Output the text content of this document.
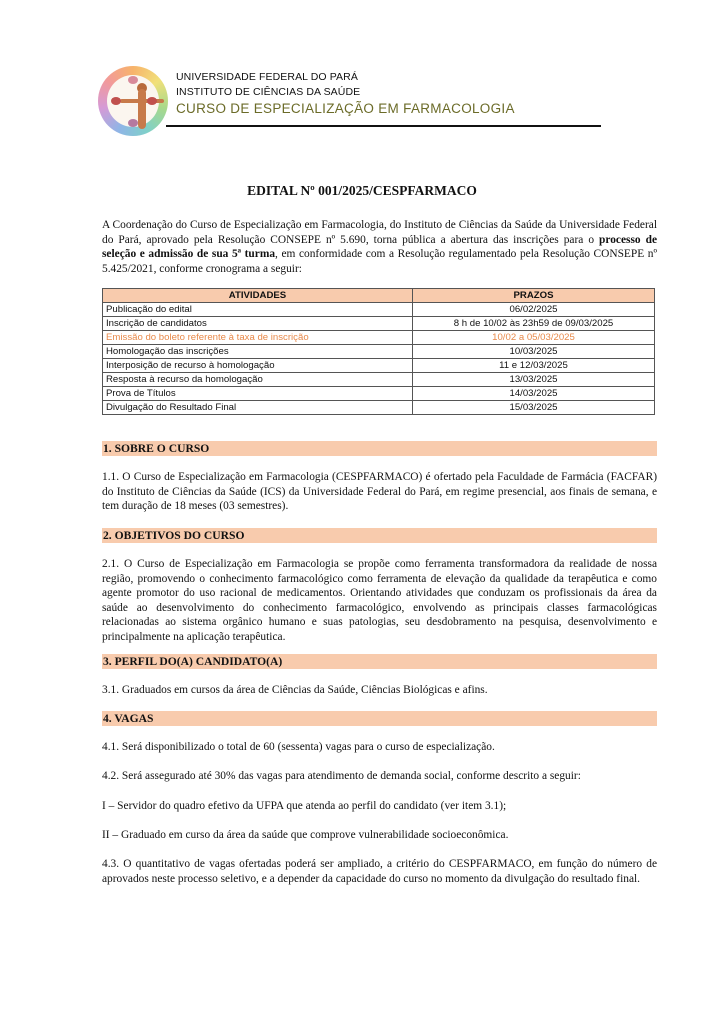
UNIVERSIDADE FEDERAL DO PARÁ
INSTITUTO DE CIÊNCIAS DA SAÚDE
CURSO DE ESPECIALIZAÇÃO EM FARMACOLOGIA
EDITAL Nº 001/2025/CESPFARMACO
A Coordenação do Curso de Especialização em Farmacologia, do Instituto de Ciências da Saúde da Universidade Federal do Pará, aprovado pela Resolução CONSEPE nº 5.690, torna pública a abertura das inscrições para o processo de seleção e admissão de sua 5ª turma, em conformidade com a Resolução regulamentado pela Resolução CONSEPE nº 5.425/2021, conforme cronograma a seguir:
ATIVIDADES	PRAZOS
Publicação do edital	06/02/2025
Inscrição de candidatos	8 h de 10/02 às 23h59 de 09/03/2025
Emissão do boleto referente à taxa de inscrição	10/02 a 05/03/2025
Homologação das inscrições	10/03/2025
Interposição de recurso à homologação	11 e 12/03/2025
Resposta à recurso da homologação	13/03/2025
Prova de Títulos	14/03/2025
Divulgação do Resultado Final	15/03/2025
1. SOBRE O CURSO
1.1. O Curso de Especialização em Farmacologia (CESPFARMACO) é ofertado pela Faculdade de Farmácia (FACFAR) do Instituto de Ciências da Saúde (ICS) da Universidade Federal do Pará, em regime presencial, aos finais de semana, e tem duração de 18 meses (03 semestres).
2. OBJETIVOS DO CURSO
2.1. O Curso de Especialização em Farmacologia se propõe como ferramenta transformadora da realidade de nossa região, promovendo o conhecimento farmacológico como ferramenta de elevação da qualidade da terapêutica e como agente promotor do uso racional de medicamentos. Orientando atividades que conduzam os profissionais da área da saúde ao desenvolvimento do conhecimento farmacológico, envolvendo as principais classes farmacológicas relacionadas ao sistema orgânico humano e suas patologias, seu desdobramento na pesquisa, desenvolvimento e principalmente na aplicação terapêutica.
3. PERFIL DO(A) CANDIDATO(A)
3.1. Graduados em cursos da área de Ciências da Saúde, Ciências Biológicas e afins.
4. VAGAS
4.1. Será disponibilizado o total de 60 (sessenta) vagas para o curso de especialização.
4.2. Será assegurado até 30% das vagas para atendimento de demanda social, conforme descrito a seguir:
I – Servidor do quadro efetivo da UFPA que atenda ao perfil do candidato (ver item 3.1);
II – Graduado em curso da área da saúde que comprove vulnerabilidade socioeconômica.
4.3. O quantitativo de vagas ofertadas poderá ser ampliado, a critério do CESPFARMACO, em função do número de aprovados neste processo seletivo, e a depender da capacidade do curso no momento da divulgação do resultado final.
